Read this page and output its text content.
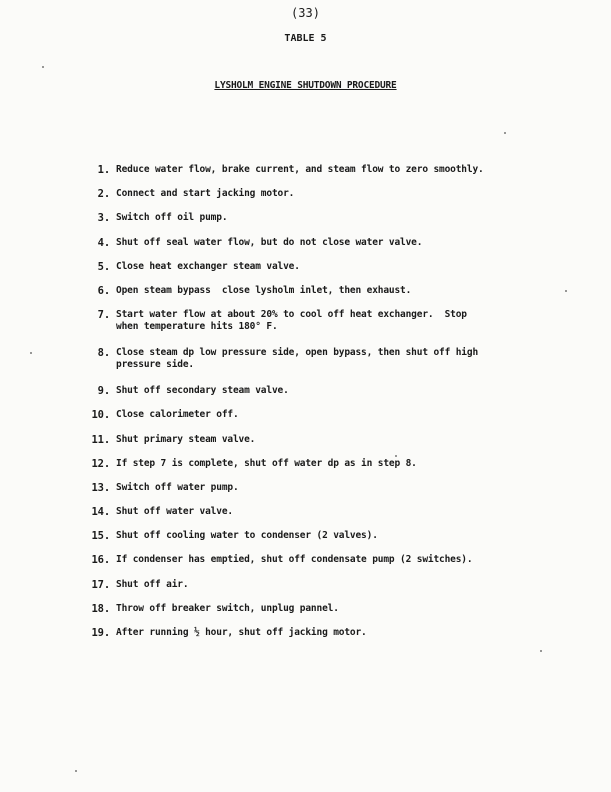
(33)
TABLE 5
LYSHOLM ENGINE SHUTDOWN PROCEDURE
1. Reduce water flow, brake current, and steam flow to zero smoothly.
2. Connect and start jacking motor.
3. Switch off oil pump.
4. Shut off seal water flow, but do not close water valve.
5. Close heat exchanger steam valve.
6. Open steam bypass  close lysholm inlet, then exhaust.
7. Start water flow at about 20% to cool off heat exchanger.  Stop
when temperature hits 180° F.
8. Close steam dp low pressure side, open bypass, then shut off high
pressure side.
9. Shut off secondary steam valve.
10. Close calorimeter off.
11. Shut primary steam valve.
12. If step 7 is complete, shut off water dp as in step 8.
13. Switch off water pump.
14. Shut off water valve.
15. Shut off cooling water to condenser (2 valves).
16. If condenser has emptied, shut off condensate pump (2 switches).
17. Shut off air.
18. Throw off breaker switch, unplug pannel.
19. After running ½ hour, shut off jacking motor.
